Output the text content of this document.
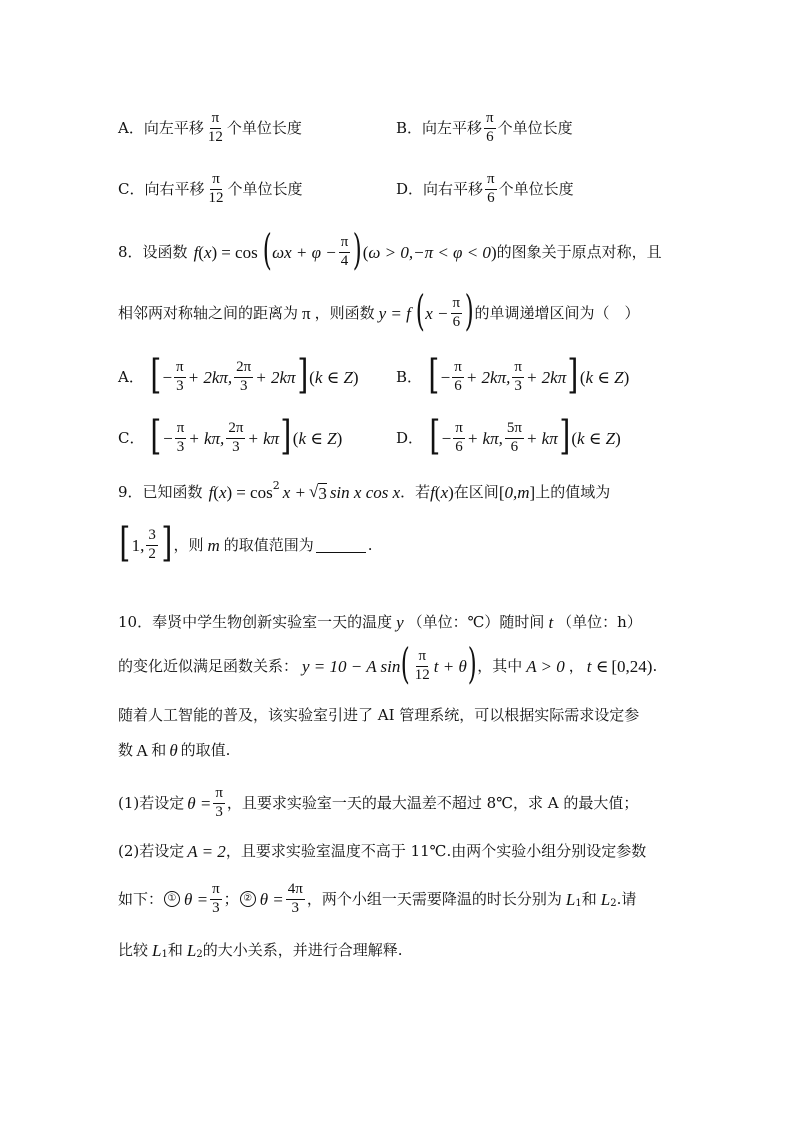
A． 向左平移 $\frac{\pi}{12}$ 个单位长度	B． 向左平移 $\frac{\pi}{6}$ 个单位长度
C． 向右平移 $\frac{\pi}{12}$ 个单位长度	D． 向右平移 $\frac{\pi}{6}$ 个单位长度
8． 设函数 f ( x ) = cos ( $\omega x + \varphi - \frac{\pi}{4}$ ) ( ω > 0,−π < φ < 0 ) 的图象关于原点对称，且
相邻两对称轴之间的距离为 π ，则函数 y = f ( $x - \frac{\pi}{6}$ ) 的单调递增区间为（　）
A． [ − $\frac{\pi}{3} + 2k\pi$, $\frac{2\pi}{3} + 2k\pi$ ] ( k ∈ Z ) B． [ − $\frac{\pi}{6} + 2k\pi$, $\frac{\pi}{3} + 2k\pi$ ] ( k ∈ Z )
C． [ − $\frac{\pi}{3} + k\pi$, $\frac{2\pi}{3} + k\pi$ ] ( k ∈ Z )	D． [ − $\frac{\pi}{6} + k\pi$, $\frac{5\pi}{6} + k\pi$ ] ( k ∈ Z )
9． 已知函数 f ( x ) = cos 2 x + √ 3 sin x cos x ．若 f ( x ) 在区间 [ 0,m ] 上的值域为
[ 1, $\frac{3}{2}$ ] ，则 m 的取值范围为	.
10． 奉贤中学生物创新实验室一天的温度 y （单位：℃）随时间 t （单位：h）
的变化近似满足函数关系： y = 10 − A sin ( $\frac{\pi}{12}$ t + θ ) ，其中 A > 0 ， t ∈ [ 0,24 ) .
随着人工智能的普及，该实验室引进了 AI 管理系统，可以根据实际需求设定参
数 A 和 θ 的取值.
(1)若设定 $\theta = \frac{\pi}{3}$ ，且要求实验室一天的最大温差不超过 8℃，求 A 的最大值；
(2)若设定 A = 2 ，且要求实验室温度不高于 11℃.由两个实验小组分别设定参数
如下： ① $\theta = \frac{\pi}{3}$ ； ② $\theta = \frac{4\pi}{3}$ ，两个小组一天需要降温的时长分别为 L 1 和 L 2 .请
比较 L 1 和 L 2 的大小关系，并进行合理解释.
